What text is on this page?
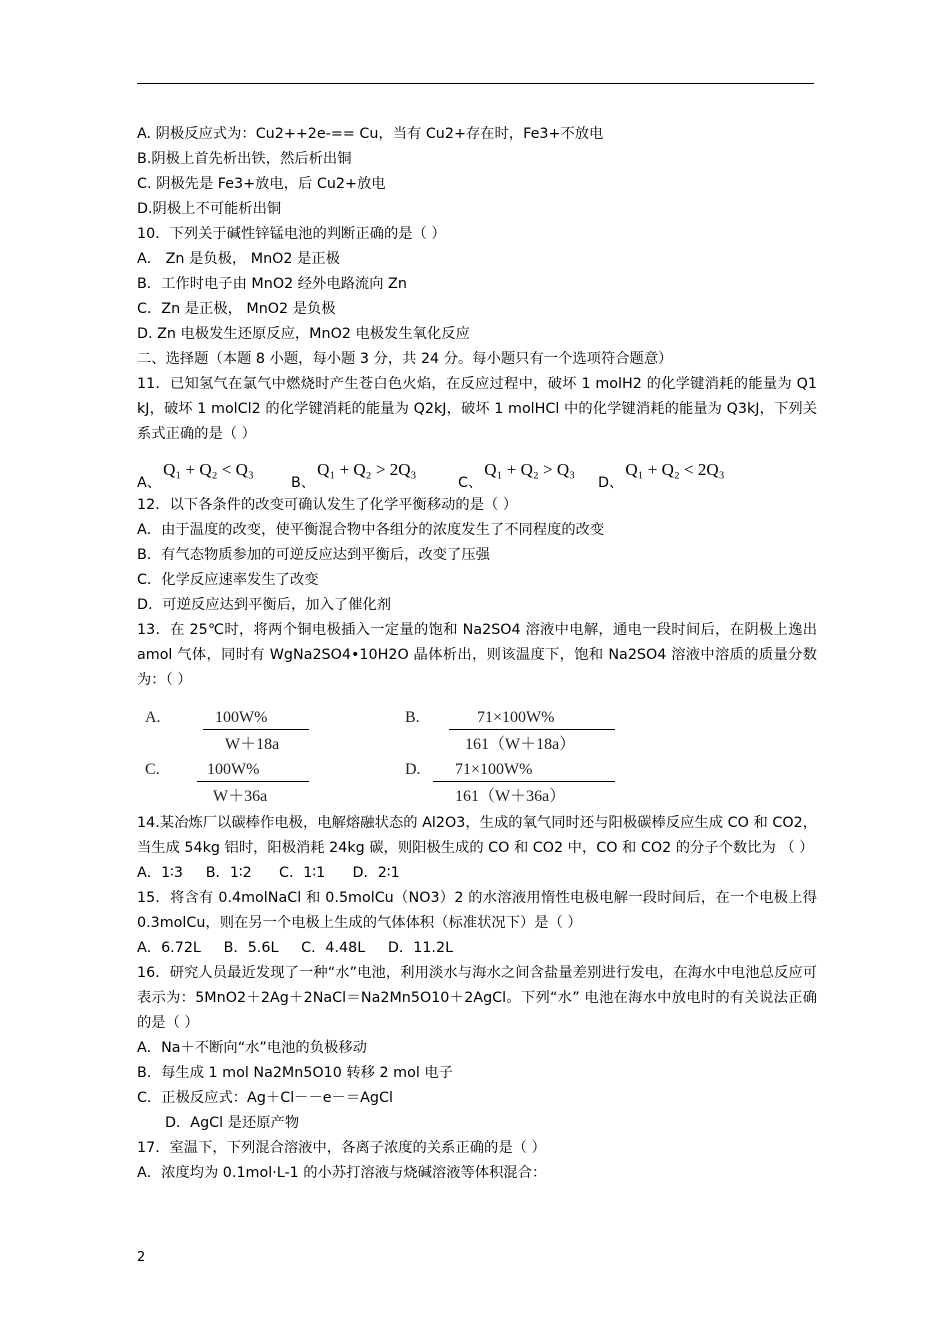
A. 阴极反应式为：Cu2++2e-== Cu，当有 Cu2+存在时，Fe3+不放电
B.阴极上首先析出铁，然后析出铜
C. 阴极先是 Fe3+放电，后 Cu2+放电
D.阴极上不可能析出铜
10．下列关于碱性锌锰电池的判断正确的是（ ）
A． Zn 是负极， MnO2 是正极
B．工作时电子由 MnO2 经外电路流向 Zn
C．Zn 是正极， MnO2 是负极
D. Zn 电极发生还原反应，MnO2 电极发生氧化反应
二、选择题（本题 8 小题，每小题 3 分，共 24 分。每小题只有一个选项符合题意）
11．已知氢气在氯气中燃烧时产生苍白色火焰，在反应过程中，破坏 1 molH2 的化学键消耗的能量为 Q1 kJ，破坏 1 molCl2 的化学键消耗的能量为 Q2kJ，破坏 1 molHCl 中的化学键消耗的能量为 Q3kJ，下列关系式正确的是（ ）
A、Q₁ + Q₂ < Q₃
B、Q₁ + Q₂ > 2Q₃
C、Q₁ + Q₂ > Q₃
D、Q₁ + Q₂ < 2Q₃
12．以下各条件的改变可确认发生了化学平衡移动的是（ ）
A．由于温度的改变，使平衡混合物中各组分的浓度发生了不同程度的改变
B．有气态物质参加的可逆反应达到平衡后，改变了压强
C．化学反应速率发生了改变
D．可逆反应达到平衡后，加入了催化剂
13．在 25℃时，将两个铜电极插入一定量的饱和 Na2SO4 溶液中电解，通电一段时间后，在阴极上逸出 amol 气体，同时有 WgNa2SO4•10H2O 晶体析出，则该温度下，饱和 Na2SO4 溶液中溶质的质量分数为：（ ）
A.	100W%
W＋18a
B.	71×100W%
161（W＋18a）
C.	100W%
W＋36a
D. 71×100W%
161（W＋36a）
14.某冶炼厂以碳棒作电极，电解熔融状态的 Al2O3，生成的氧气同时还与阳极碳棒反应生成 CO 和 CO2，当生成 54kg 铝时，阳极消耗 24kg 碳，则阳极生成的 CO 和 CO2 中，CO 和 CO2 的分子个数比为 （ ）
A．1∶3     B．1∶2      C．1∶1      D．2∶1
15．将含有 0.4molNaCl 和 0.5molCu（NO3）2 的水溶液用惰性电极电解一段时间后，在一个电极上得 0.3molCu，则在另一个电极上生成的气体体积（标准状况下）是（ ）
A．6.72L     B．5.6L     C．4.48L     D．11.2L
16．研究人员最近发现了一种“水”电池，利用淡水与海水之间含盐量差别进行发电，在海水中电池总反应可表示为：5MnO2＋2Ag＋2NaCl＝Na2Mn5O10＋2AgCl。下列“水” 电池在海水中放电时的有关说法正确的是（ ）
A．Na＋不断向“水”电池的负极移动
B．每生成 1 mol Na2Mn5O10 转移 2 mol 电子
C．正极反应式：Ag＋Cl－－e－＝AgCl
D．AgCl 是还原产物
17．室温下，下列混合溶液中，各离子浓度的关系正确的是（ ）
A．浓度均为 0.1mol·L-1 的小苏打溶液与烧碱溶液等体积混合：
2
